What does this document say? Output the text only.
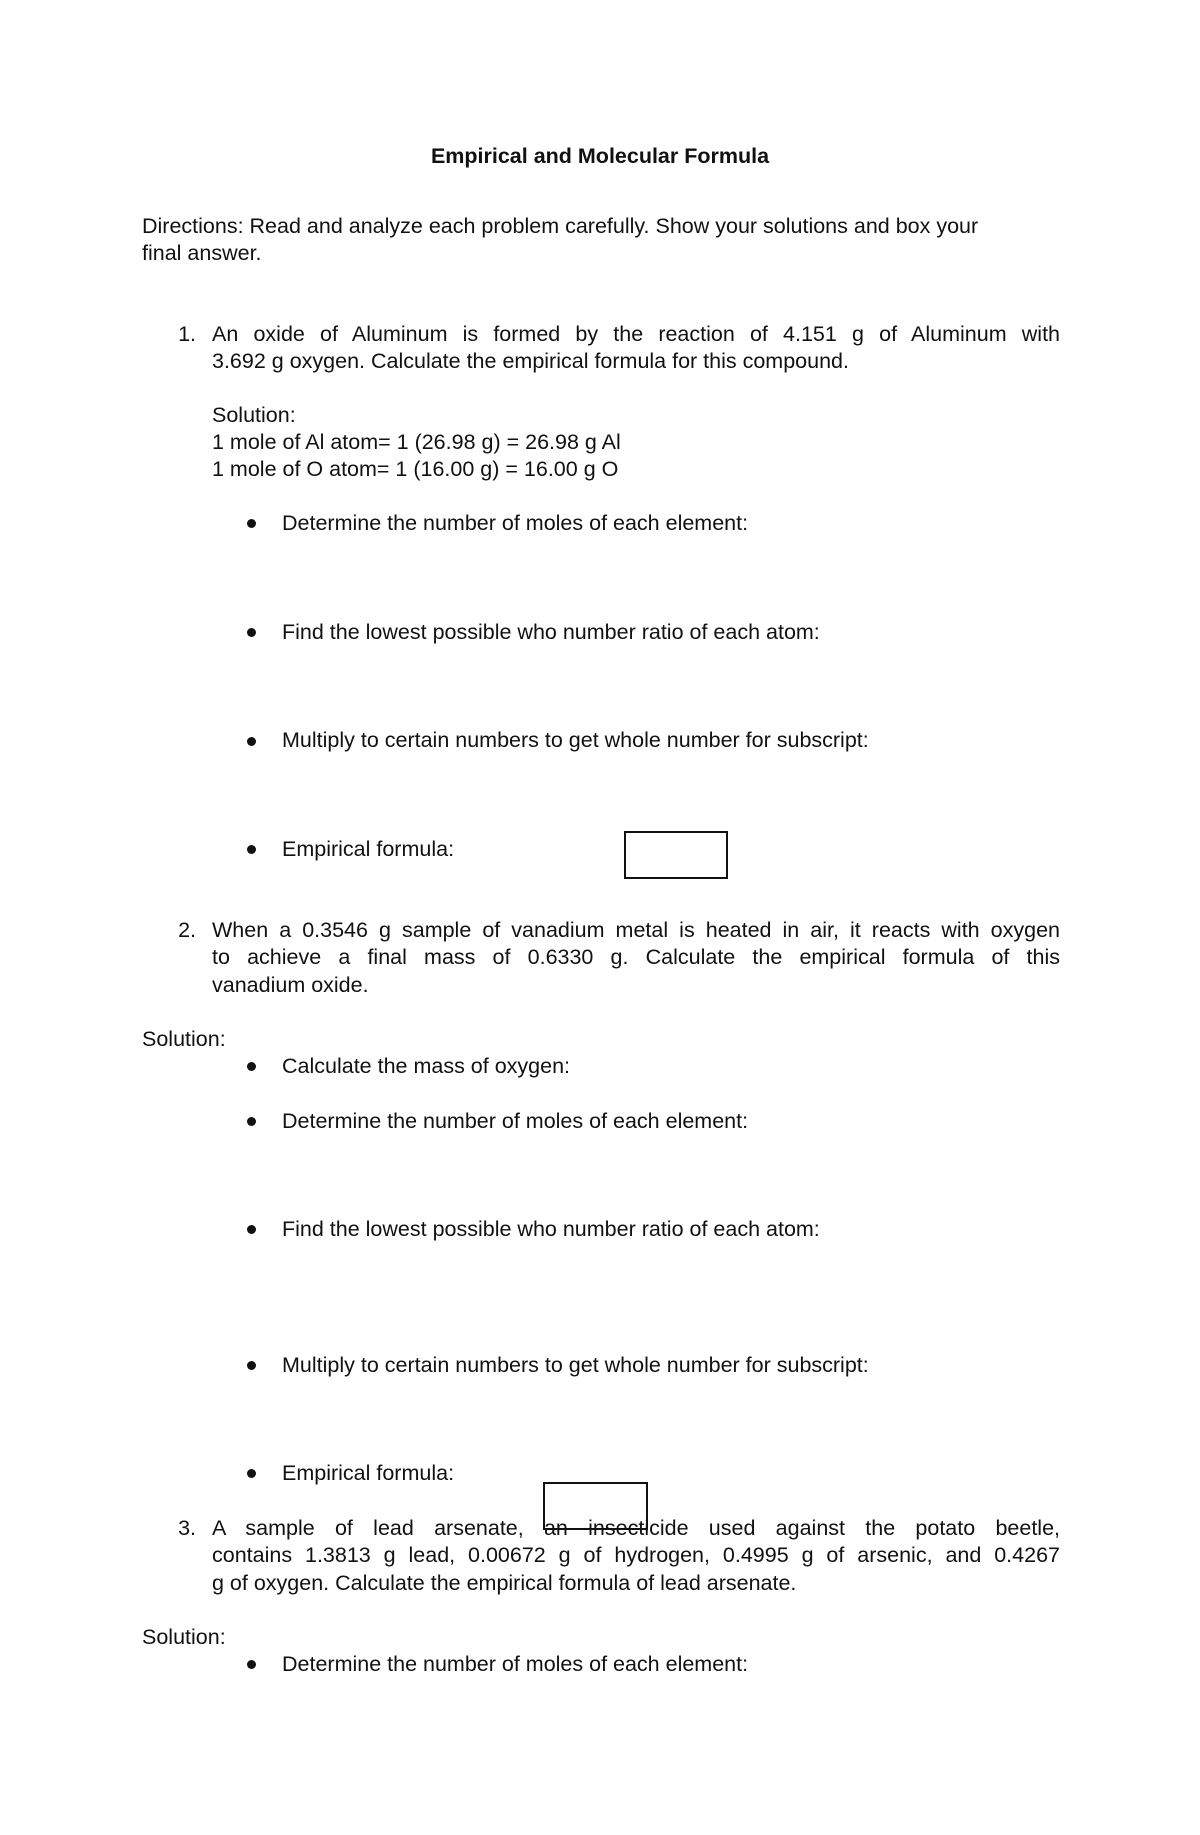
Empirical and Molecular Formula
Directions: Read and analyze each problem carefully. Show your solutions and box your
final answer.
1. An oxide of Aluminum is formed by the reaction of 4.151 g of Aluminum with
3.692 g oxygen. Calculate the empirical formula for this compound.
Solution:
1 mole of Al atom= 1 (26.98 g) = 26.98 g Al
1 mole of O atom= 1 (16.00 g) = 16.00 g O
Determine the number of moles of each element:
Find the lowest possible who number ratio of each atom:
Multiply to certain numbers to get whole number for subscript:
Empirical formula:
2. When a 0.3546 g sample of vanadium metal is heated in air, it reacts with oxygen
to achieve a final mass of 0.6330 g. Calculate the empirical formula of this
vanadium oxide.
Solution:
Calculate the mass of oxygen:
Determine the number of moles of each element:
Find the lowest possible who number ratio of each atom:
Multiply to certain numbers to get whole number for subscript:
Empirical formula:
3. A sample of lead arsenate, an insecticide used against the potato beetle,
contains 1.3813 g lead, 0.00672 g of hydrogen, 0.4995 g of arsenic, and 0.4267
g of oxygen. Calculate the empirical formula of lead arsenate.
Solution:
Determine the number of moles of each element:
